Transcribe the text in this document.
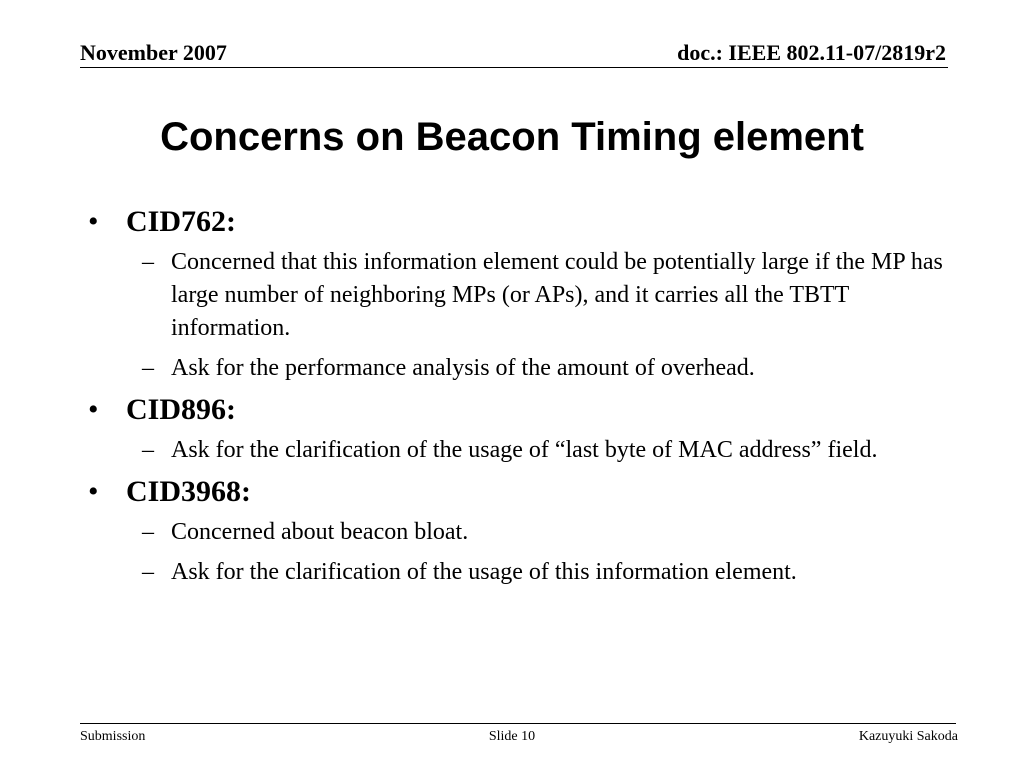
November 2007	doc.: IEEE 802.11-07/2819r2
Concerns on Beacon Timing element
• CID762:
– Concerned that this information element could be potentially large if the MP has large number of neighboring MPs (or APs), and it carries all the TBTT information.
– Ask for the performance analysis of the amount of overhead.
• CID896:
– Ask for the clarification of the usage of “last byte of MAC address” field.
• CID3968:
– Concerned about beacon bloat.
– Ask for the clarification of the usage of this information element.
Submission	Slide 10	Kazuyuki Sakoda
